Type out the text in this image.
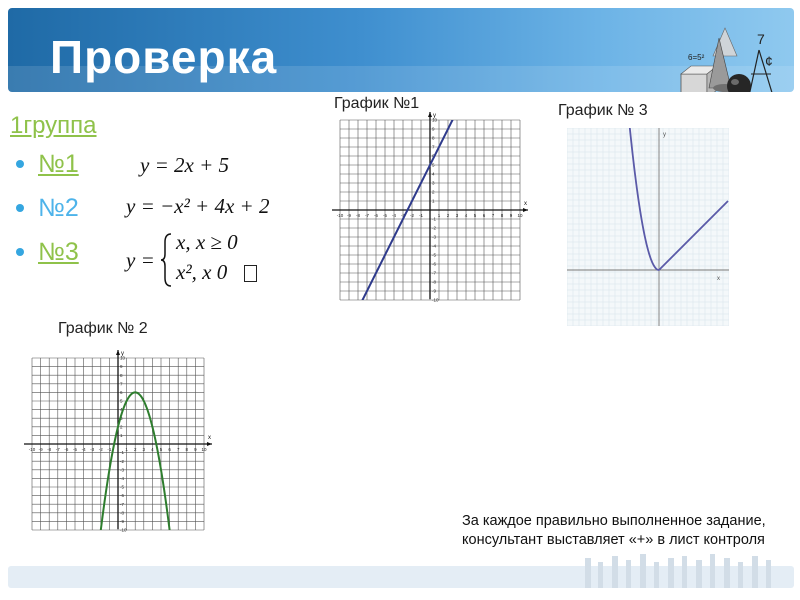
Проверка	6=5²
7
¢
1группа
№1
№2
№3
y = 2x + 5
y = −x² + 4x + 2
y =
x, x ≥ 0
x², x 0
График №1	График № 3
График № 2
x
y
-10 -9 -8 -7 -6 -5 -4 -3 -2 -1	1 2 3 4 5 6 7 8 9 10
-10
-9
-8
-7
-6
-5
-4
-3
-2
-1
1
2
3
4
5
6
7
8
9
10
x
y
-10 -9 -8 -7 -6 -5 -4 -3 -2 -1	1 2 3 4 5 6 7 8 9 10
-10
-9
-8
-7
-6
-5
-4
-3
-2
-1
1
2
3
4
5
6
7
8
9
10
x
y
За каждое правильно выполненное задание, консультант выставляет «+» в лист контроля
